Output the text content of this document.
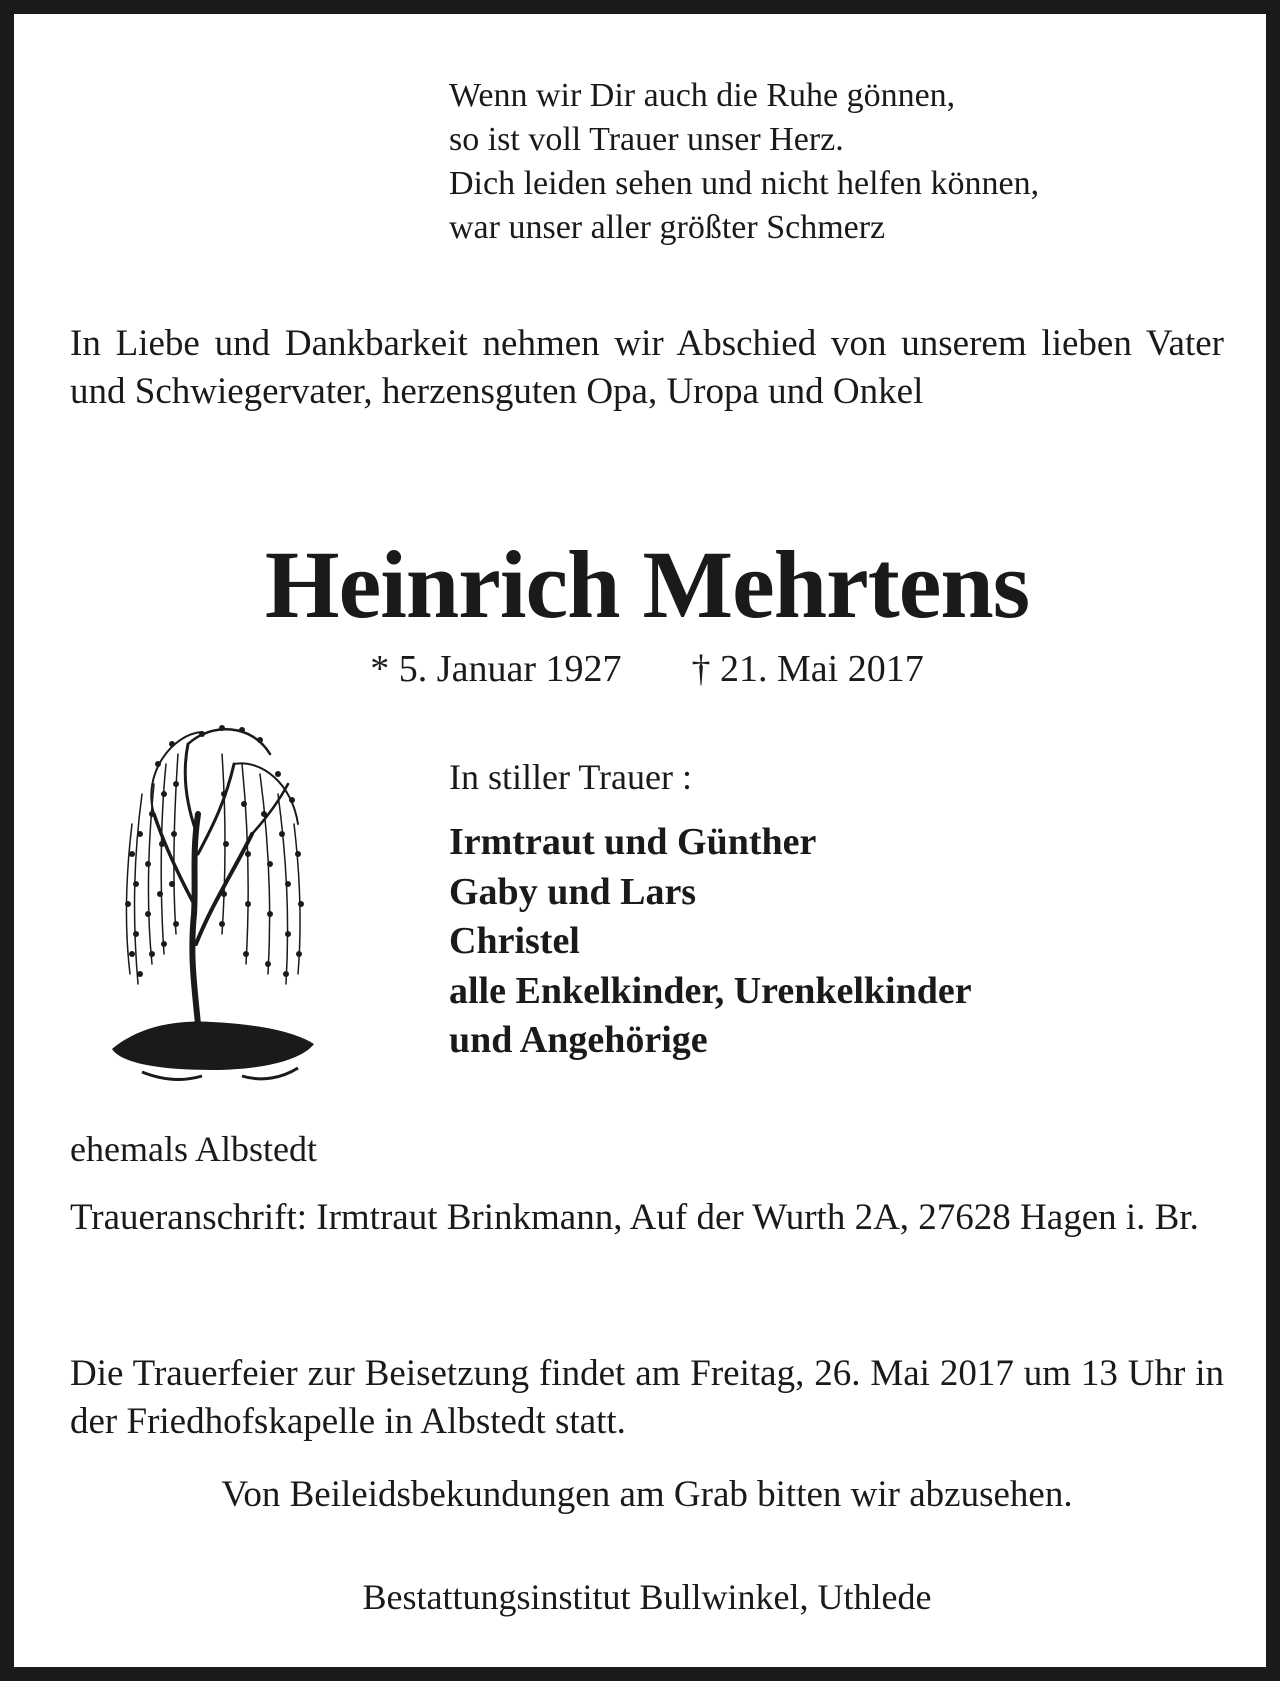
Wenn wir Dir auch die Ruhe gönnen,
so ist voll Trauer unser Herz.
Dich leiden sehen und nicht helfen können,
war unser aller größter Schmerz
In Liebe und Dankbarkeit nehmen wir Abschied von unserem lieben Vater und Schwiegervater, herzensguten Opa, Uropa und Onkel
Heinrich Mehrtens
* 5. Januar 1927 † 21. Mai 2017
In stiller Trauer :
Irmtraut und Günther
Gaby und Lars
Christel
alle Enkelkinder, Urenkelkinder
und Angehörige
ehemals Albstedt
Traueranschrift: Irmtraut Brinkmann, Auf der Wurth 2A, 27628 Hagen i. Br.
Die Trauerfeier zur Beisetzung findet am Freitag, 26. Mai 2017 um 13 Uhr in der Friedhofskapelle in Albstedt statt.
Von Beileidsbekundungen am Grab bitten wir abzusehen.
Bestattungsinstitut Bullwinkel, Uthlede
